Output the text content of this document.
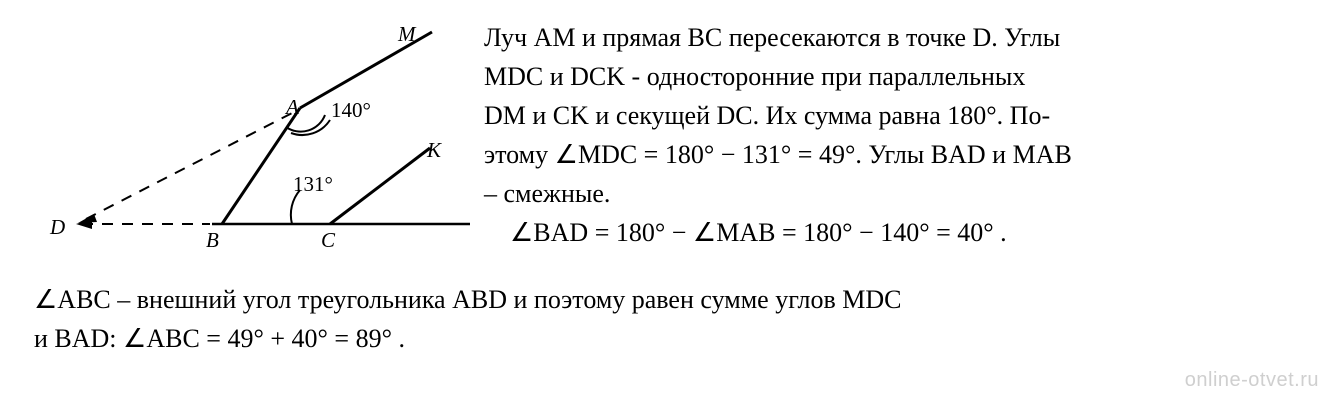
M
A
K
D
B	C
140°
131°
Луч AM и прямая BC пересекаются в точке D. Углы
MDC и DCK - односторонние при параллельных
DM и CK и секущей DC. Их сумма равна 180°. По-
этому ∠MDC = 180° − 131° = 49°. Углы BAD и MAB
– смежные.
∠BAD = 180° − ∠MAB = 180° − 140° = 40° .
∠ABC – внешний угол треугольника ABD и поэтому равен сумме углов MDC
и BAD: ∠ABC = 49° + 40° = 89° .
online-otvet.ru
